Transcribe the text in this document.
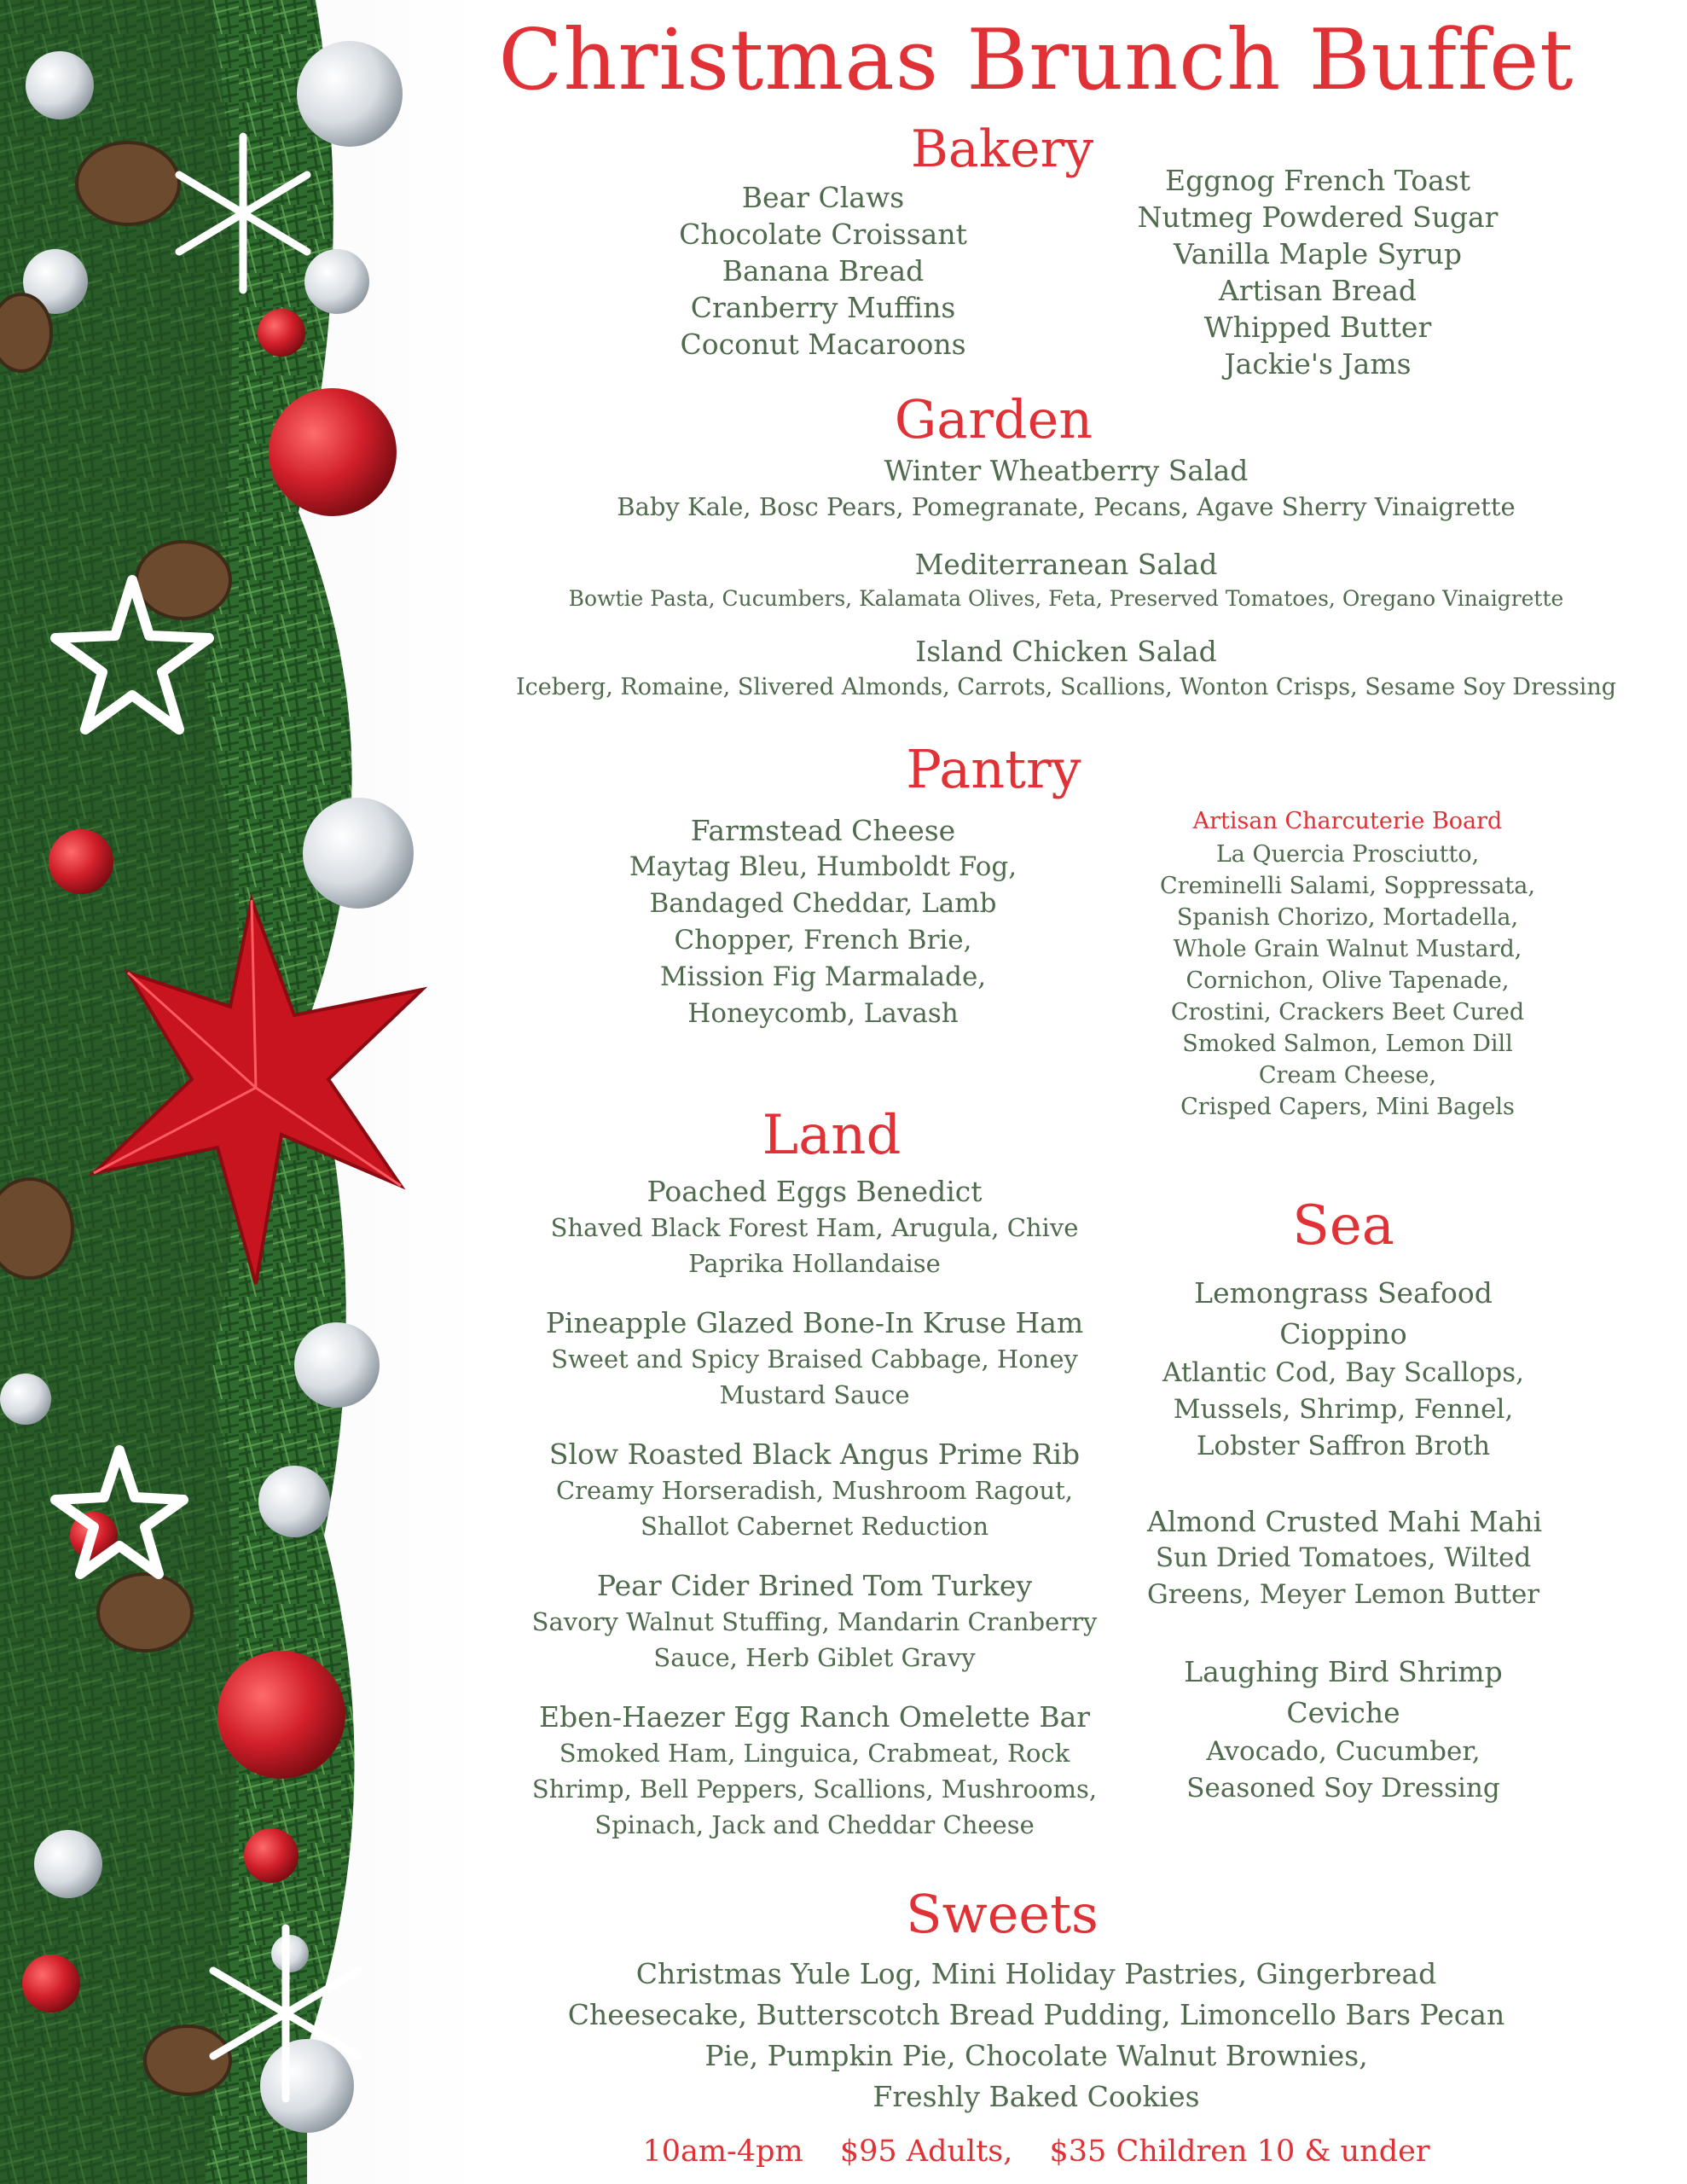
Christmas Brunch Buffet
Bakery
Bear Claws
Chocolate Croissant
Banana Bread
Cranberry Muffins
Coconut Macaroons
Eggnog French Toast
Nutmeg Powdered Sugar
Vanilla Maple Syrup
Artisan Bread
Whipped Butter
Jackie's Jams
Garden
Winter Wheatberry Salad
Baby Kale, Bosc Pears, Pomegranate, Pecans, Agave Sherry Vinaigrette
Mediterranean Salad
Bowtie Pasta, Cucumbers, Kalamata Olives, Feta, Preserved Tomatoes, Oregano Vinaigrette
Island Chicken Salad
Iceberg, Romaine, Slivered Almonds, Carrots, Scallions, Wonton Crisps, Sesame Soy Dressing
Pantry
Farmstead Cheese
Maytag Bleu, Humboldt Fog,
Bandaged Cheddar, Lamb
Chopper, French Brie,
Mission Fig Marmalade,
Honeycomb, Lavash
Artisan Charcuterie Board
La Quercia Prosciutto,
Creminelli Salami, Soppressata,
Spanish Chorizo, Mortadella,
Whole Grain Walnut Mustard,
Cornichon, Olive Tapenade,
Crostini, Crackers Beet Cured
Smoked Salmon, Lemon Dill
Cream Cheese,
Crisped Capers, Mini Bagels
Land
Poached Eggs Benedict
Shaved Black Forest Ham, Arugula, Chive
Paprika Hollandaise
Pineapple Glazed Bone-In Kruse Ham
Sweet and Spicy Braised Cabbage, Honey
Mustard Sauce
Slow Roasted Black Angus Prime Rib
Creamy Horseradish, Mushroom Ragout,
Shallot Cabernet Reduction
Pear Cider Brined Tom Turkey
Savory Walnut Stuffing, Mandarin Cranberry
Sauce, Herb Giblet Gravy
Eben-Haezer Egg Ranch Omelette Bar
Smoked Ham, Linguica, Crabmeat, Rock
Shrimp, Bell Peppers, Scallions, Mushrooms,
Spinach, Jack and Cheddar Cheese
Sea
Lemongrass Seafood
Cioppino
Atlantic Cod, Bay Scallops,
Mussels, Shrimp, Fennel,
Lobster Saffron Broth
Almond Crusted Mahi Mahi
Sun Dried Tomatoes, Wilted
Greens, Meyer Lemon Butter
Laughing Bird Shrimp
Ceviche
Avocado, Cucumber,
Seasoned Soy Dressing
Sweets
Christmas Yule Log, Mini Holiday Pastries, Gingerbread
Cheesecake, Butterscotch Bread Pudding, Limoncello Bars Pecan
Pie, Pumpkin Pie, Chocolate Walnut Brownies,
Freshly Baked Cookies
10am-4pm $95 Adults, $35 Children 10 & under
